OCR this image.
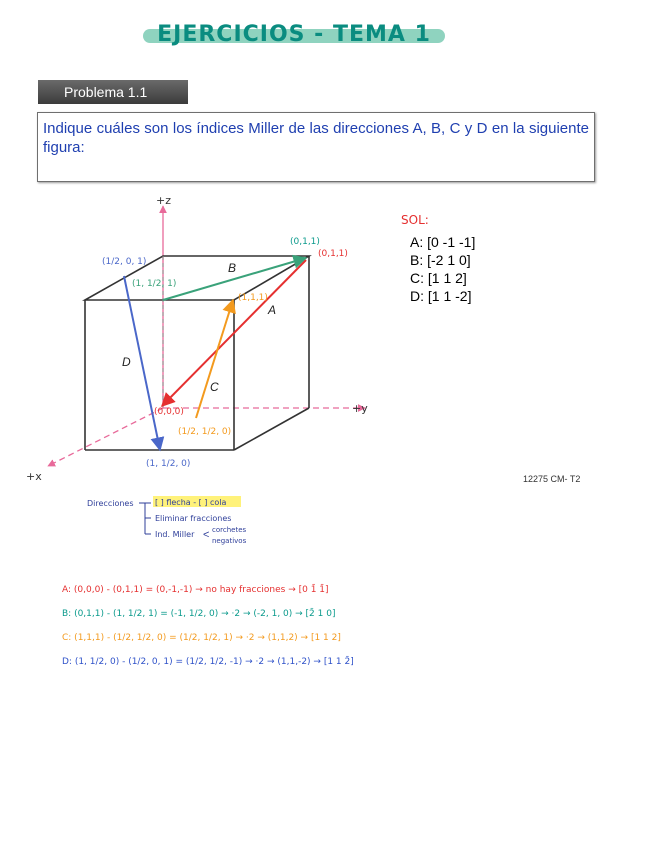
EJERCICIOS - TEMA 1
Problema 1.1
Indique cuáles son los índices Miller de las direcciones A, B, C y D en la siguiente figura:
+z
+y
+x
A
B
C
D
(1/2, 0, 1)
(1, 1/2, 1)
(0,1,1)
(0,1,1)
(1,1,1)
(0,0,0)
(1/2, 1/2, 0)
(1, 1/2, 0)
SOL:
A: [0 -1 -1]
B: [-2 1 0]
C: [1 1 2]
D: [1 1 -2]
12275 CM- T2
Direcciones	[ ] flecha - [ ] cola
Eliminar fracciones
Ind. Miller < corchetes
negativos
A: (0,0,0) - (0,1,1) = (0,-1,-1) → no hay fracciones → [0 1̄ 1̄]
B: (0,1,1) - (1, 1/2, 1) = (-1, 1/2, 0) → ·2 → (-2, 1, 0) → [2̄ 1 0]
C: (1,1,1) - (1/2, 1/2, 0) = (1/2, 1/2, 1) → ·2 → (1,1,2) → [1 1 2]
D: (1, 1/2, 0) - (1/2, 0, 1) = (1/2, 1/2, -1) → ·2 → (1,1,-2) → [1 1 2̄]
